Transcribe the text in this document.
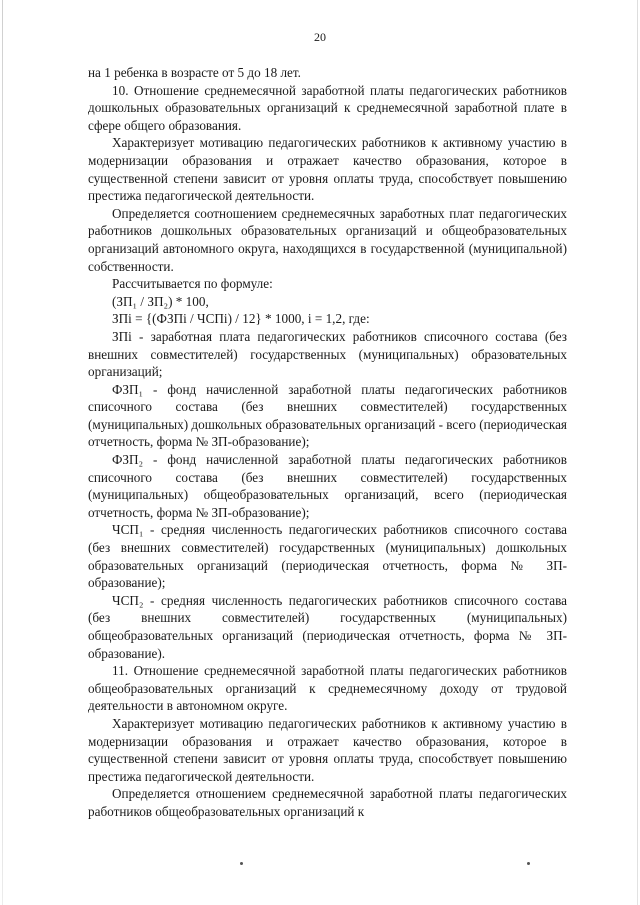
20

на 1 ребенка в возрасте от 5 до 18 лет.

10. Отношение среднемесячной заработной платы педагогических работников дошкольных образовательных организаций к среднемесячной заработной плате в сфере общего образования.

Характеризует мотивацию педагогических работников к активному участию в модернизации образования и отражает качество образования, которое в существенной степени зависит от уровня оплаты труда, способствует повышению престижа педагогической деятельности.

Определяется соотношением среднемесячных заработных плат педагогических работников дошкольных образовательных организаций и общеобразовательных организаций автономного округа, находящихся в государственной (муниципальной) собственности.

Рассчитывается по формуле:

(ЗП₁ / ЗП₂) * 100,

ЗПi = {(ФЗПi / ЧСПi) / 12} * 1000, i = 1,2, где:

ЗПi - заработная плата педагогических работников списочного состава (без внешних совместителей) государственных (муниципальных) образовательных организаций;

ФЗП₁ - фонд начисленной заработной платы педагогических работников списочного состава (без внешних совместителей) государственных (муниципальных) дошкольных образовательных организаций - всего (периодическая отчетность, форма № ЗП-образование);

ФЗП₂ - фонд начисленной заработной платы педагогических работников списочного состава (без внешних совместителей) государственных (муниципальных) общеобразовательных организаций, всего (периодическая отчетность, форма № ЗП-образование);

ЧСП₁ - средняя численность педагогических работников списочного состава (без внешних совместителей) государственных (муниципальных) дошкольных образовательных организаций (периодическая отчетность, форма № ЗП-образование);

ЧСП₂ - средняя численность педагогических работников списочного состава (без внешних совместителей) государственных (муниципальных) общеобразовательных организаций (периодическая отчетность, форма № ЗП-образование).

11. Отношение среднемесячной заработной платы педагогических работников общеобразовательных организаций к среднемесячному доходу от трудовой деятельности в автономном округе.

Характеризует мотивацию педагогических работников к активному участию в модернизации образования и отражает качество образования, которое в существенной степени зависит от уровня оплаты труда, способствует повышению престижа педагогической деятельности.

Определяется отношением среднемесячной заработной платы педагогических работников общеобразовательных организаций к
